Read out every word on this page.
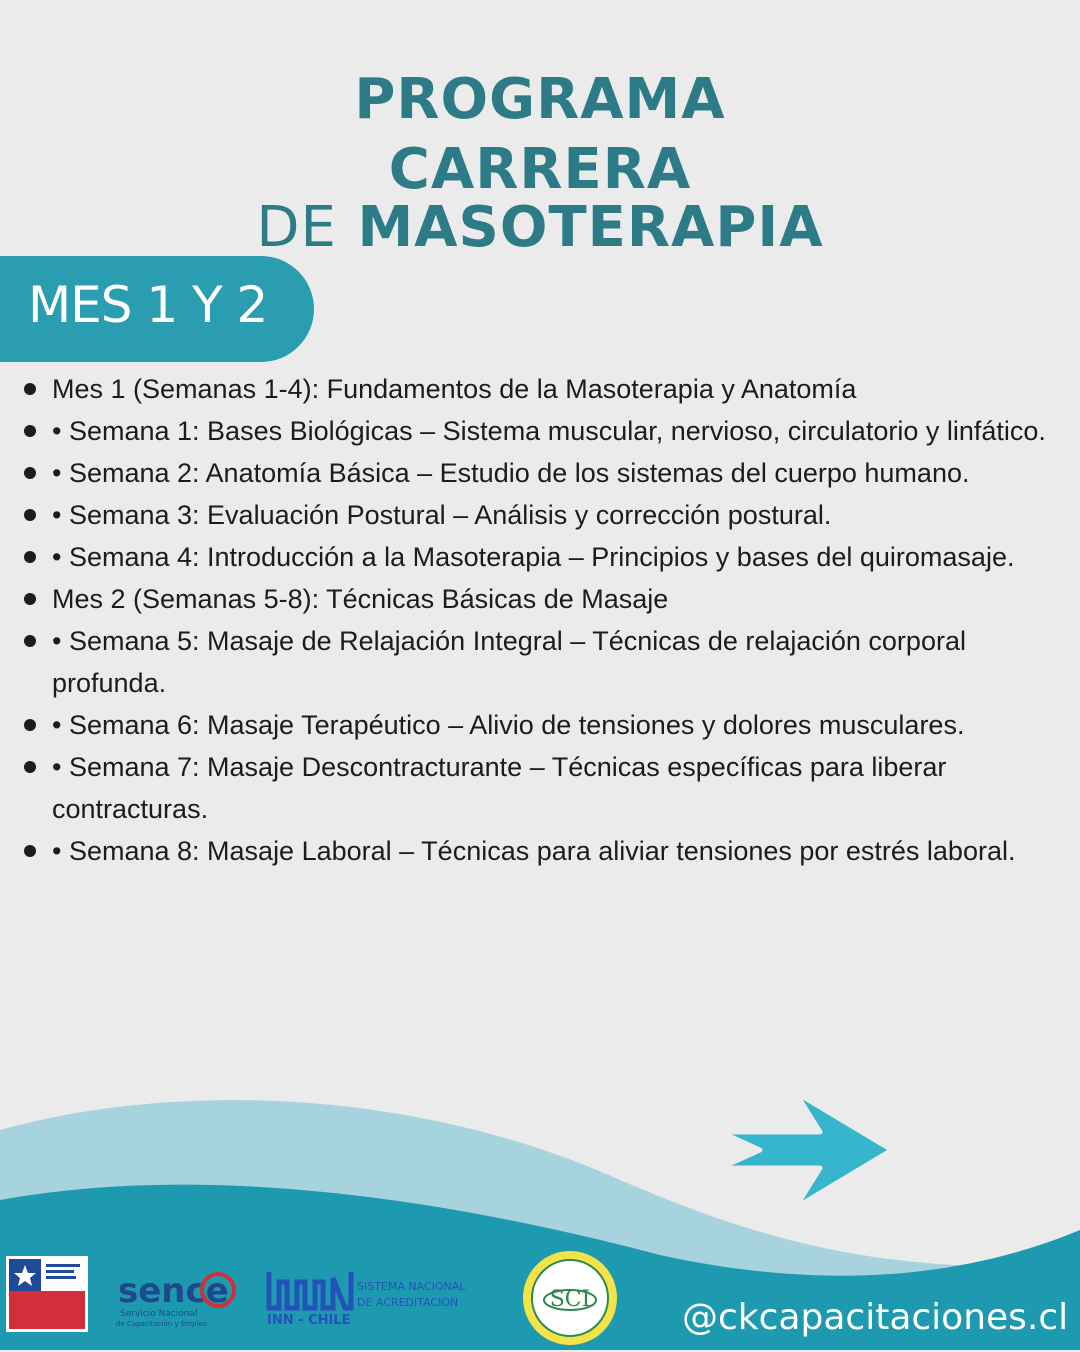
PROGRAMA
CARRERA
DE MASOTERAPIA
MES 1 Y 2
Mes 1 (Semanas 1-4): Fundamentos de la Masoterapia y Anatomía
• Semana 1: Bases Biológicas – Sistema muscular, nervioso, circulatorio y linfático.
• Semana 2: Anatomía Básica – Estudio de los sistemas del cuerpo humano.
• Semana 3: Evaluación Postural – Análisis y corrección postural.
• Semana 4: Introducción a la Masoterapia – Principios y bases del quiromasaje.
Mes 2 (Semanas 5-8): Técnicas Básicas de Masaje
• Semana 5: Masaje de Relajación Integral – Técnicas de relajación corporal profunda.
• Semana 6: Masaje Terapéutico – Alivio de tensiones y dolores musculares.
• Semana 7: Masaje Descontracturante – Técnicas específicas para liberar contracturas.
• Semana 8: Masaje Laboral – Técnicas para aliviar tensiones por estrés laboral.
sence
Servicio Nacional
de Capacitación y Empleo	INN - CHILE
SISTEMA NACIONAL
DE ACREDITACION	SCI	@ckcapacitaciones.cl
